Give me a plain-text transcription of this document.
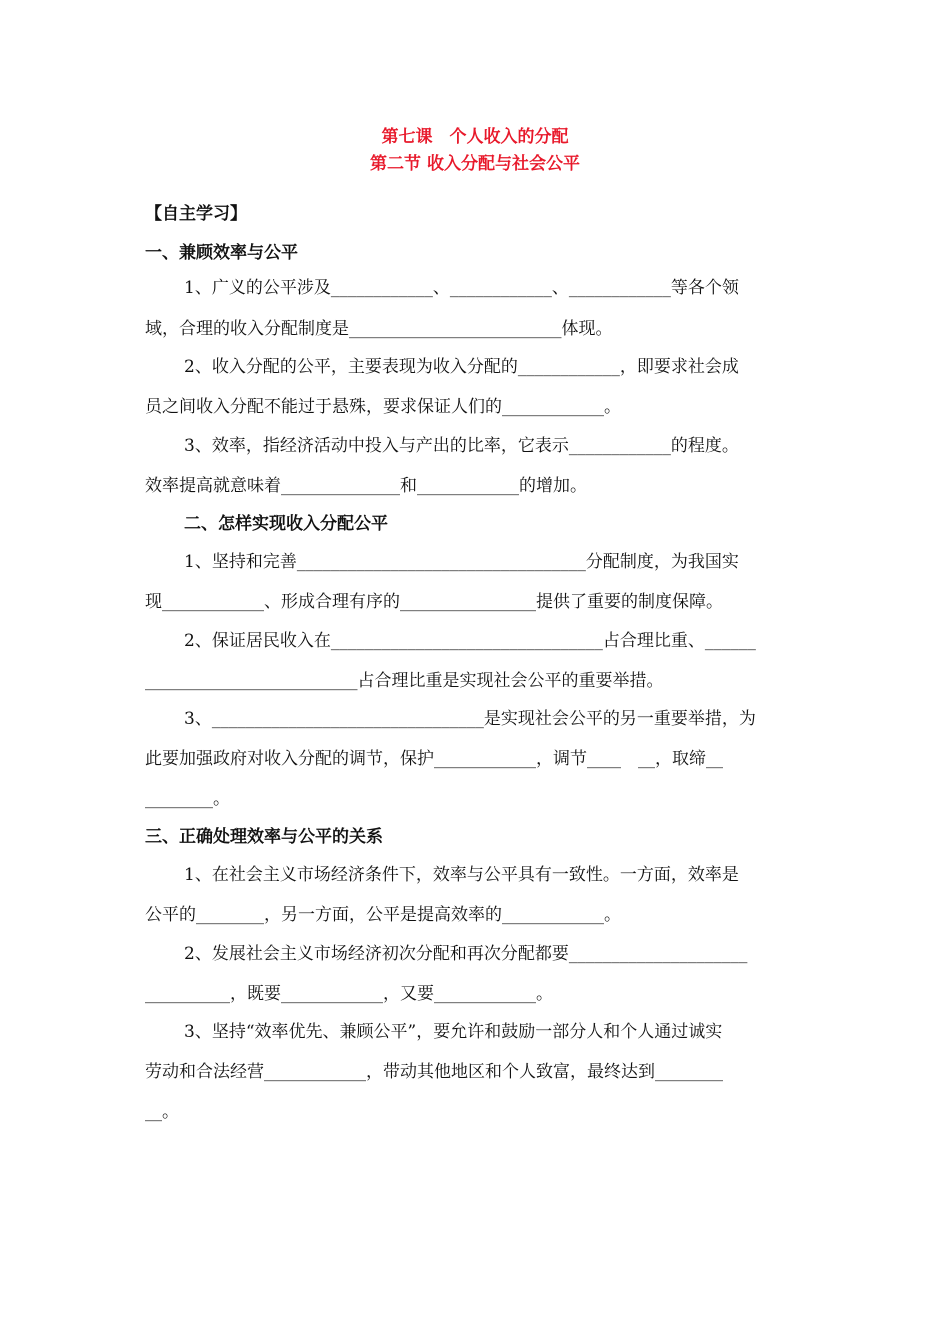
第七课　个人收入的分配
第二节 收入分配与社会公平
【自主学习】
一、兼顾效率与公平
1、广义的公平涉及____________、____________、____________等各个领
域，合理的收入分配制度是_________________________体现。
2、收入分配的公平，主要表现为收入分配的____________，即要求社会成
员之间收入分配不能过于悬殊，要求保证人们的____________。
3、效率，指经济活动中投入与产出的比率，它表示____________的程度。
效率提高就意味着______________和____________的增加。
二、怎样实现收入分配公平
1、坚持和完善__________________________________分配制度，为我国实
现____________、形成合理有序的________________提供了重要的制度保障。
2、保证居民收入在________________________________占合理比重、______
_________________________占合理比重是实现社会公平的重要举措。
3、________________________________是实现社会公平的另一重要举措，为
此要加强政府对收入分配的调节，保护____________，调节____　__，取缔__
________。
三、正确处理效率与公平的关系
1、在社会主义市场经济条件下，效率与公平具有一致性。一方面，效率是
公平的________，另一方面，公平是提高效率的____________。
2、发展社会主义市场经济初次分配和再次分配都要_____________________
__________，既要____________，又要____________。
3、坚持“效率优先、兼顾公平”，要允许和鼓励一部分人和个人通过诚实
劳动和合法经营____________，带动其他地区和个人致富，最终达到________
__。
